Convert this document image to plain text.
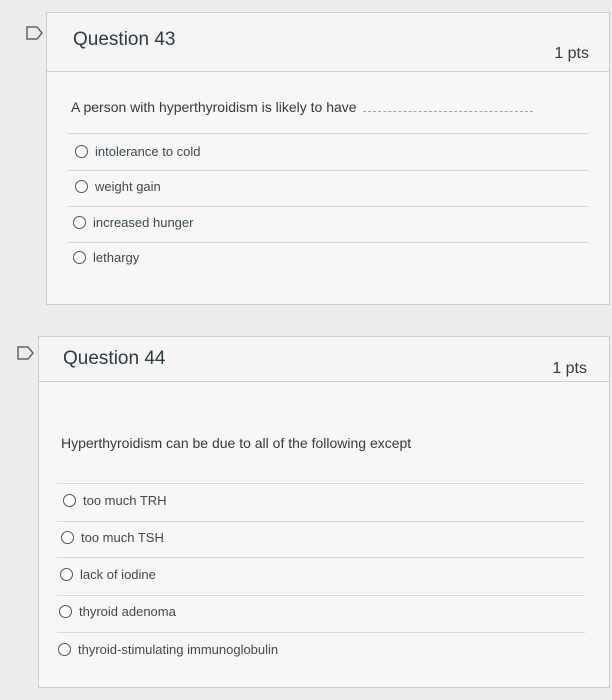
Question 43
1 pts
A person with hyperthyroidism is likely to have
intolerance to cold
weight gain
increased hunger
lethargy
Question 44	1 pts
Hyperthyroidism can be due to all of the following except
too much TRH
too much TSH
lack of iodine
thyroid adenoma
thyroid-stimulating immunoglobulin
